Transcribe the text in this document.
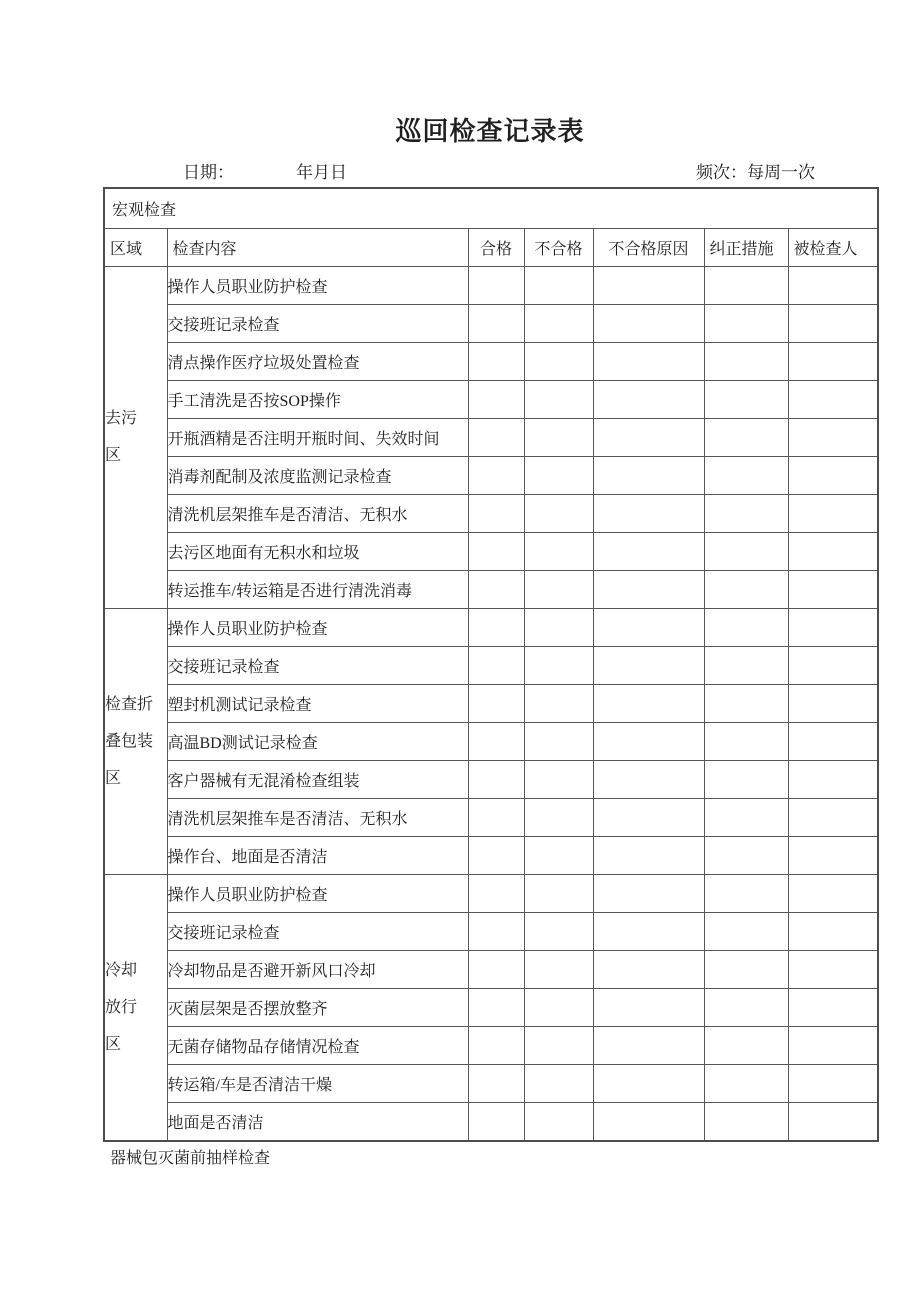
巡回检查记录表
日期：	年月日	频次：每周一次
宏观检查						
区域	检查内容	合格	不合格	不合格原因	纠正措施	被检查人

去污
区	操作人员职业防护检查					
	交接班记录检查					
	清点操作医疗垃圾处置检查					
	手工清洗是否按SOP操作					
	开瓶酒精是否注明开瓶时间、失效时间					
	消毒剂配制及浓度监测记录检查					
	清洗机层架推车是否清洁、无积水					
	去污区地面有无积水和垃圾					
	转运推车/转运箱是否进行清洗消毒					

检查折
叠包装
区	操作人员职业防护检查					
	交接班记录检查					
	塑封机测试记录检查					
	高温BD测试记录检查					
	客户器械有无混淆检查组装					
	清洗机层架推车是否清洁、无积水					
	操作台、地面是否清洁					

冷却
放行
区	操作人员职业防护检查					
	交接班记录检查					
	冷却物品是否避开新风口冷却					
	灭菌层架是否摆放整齐					
	无菌存储物品存储情况检查					
	转运箱/车是否清洁干燥					
	地面是否清洁					
器械包灭菌前抽样检查
